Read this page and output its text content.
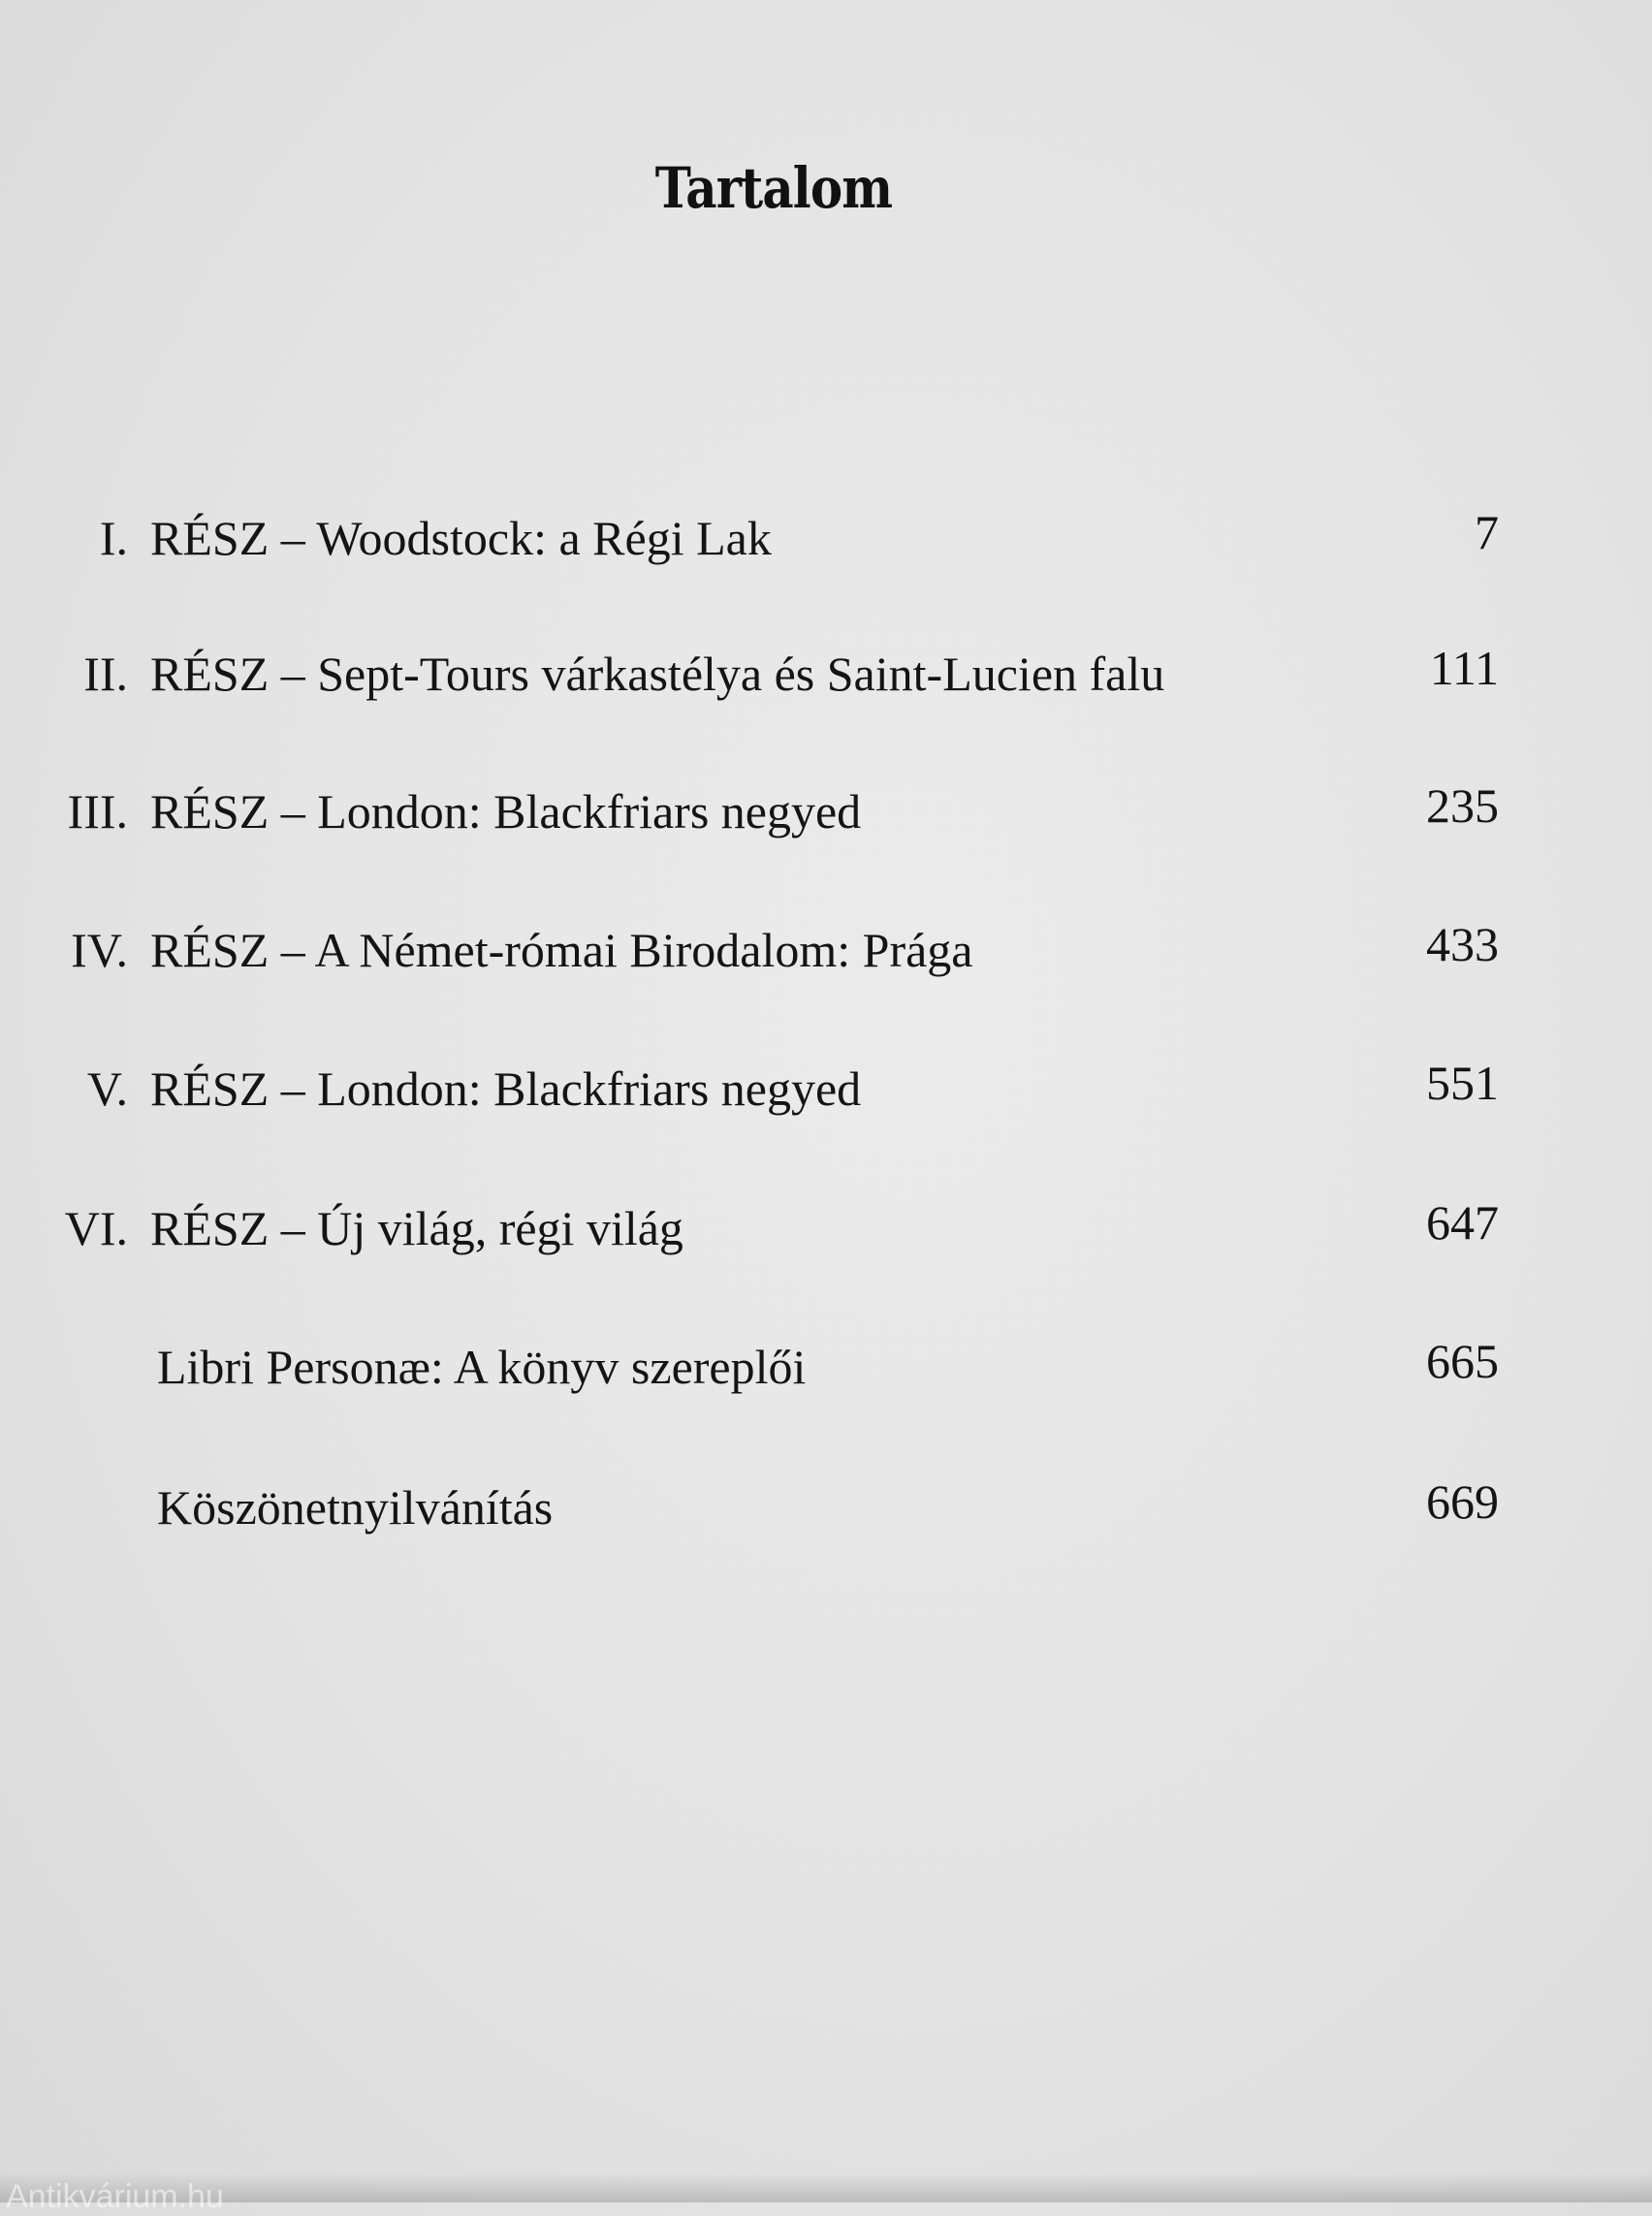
Tartalom
I. RÉSZ – Woodstock: a Régi Lak	7
II. RÉSZ – Sept-Tours várkastélya és Saint-Lucien falu	111
III. RÉSZ – London: Blackfriars negyed	235
IV. RÉSZ – A Német-római Birodalom: Prága	433
V. RÉSZ – London: Blackfriars negyed	551
VI. RÉSZ – Új világ, régi világ	647
Libri Personæ: A könyv szereplői	665
Köszönetnyilvánítás	669
Antikvárium.hu
